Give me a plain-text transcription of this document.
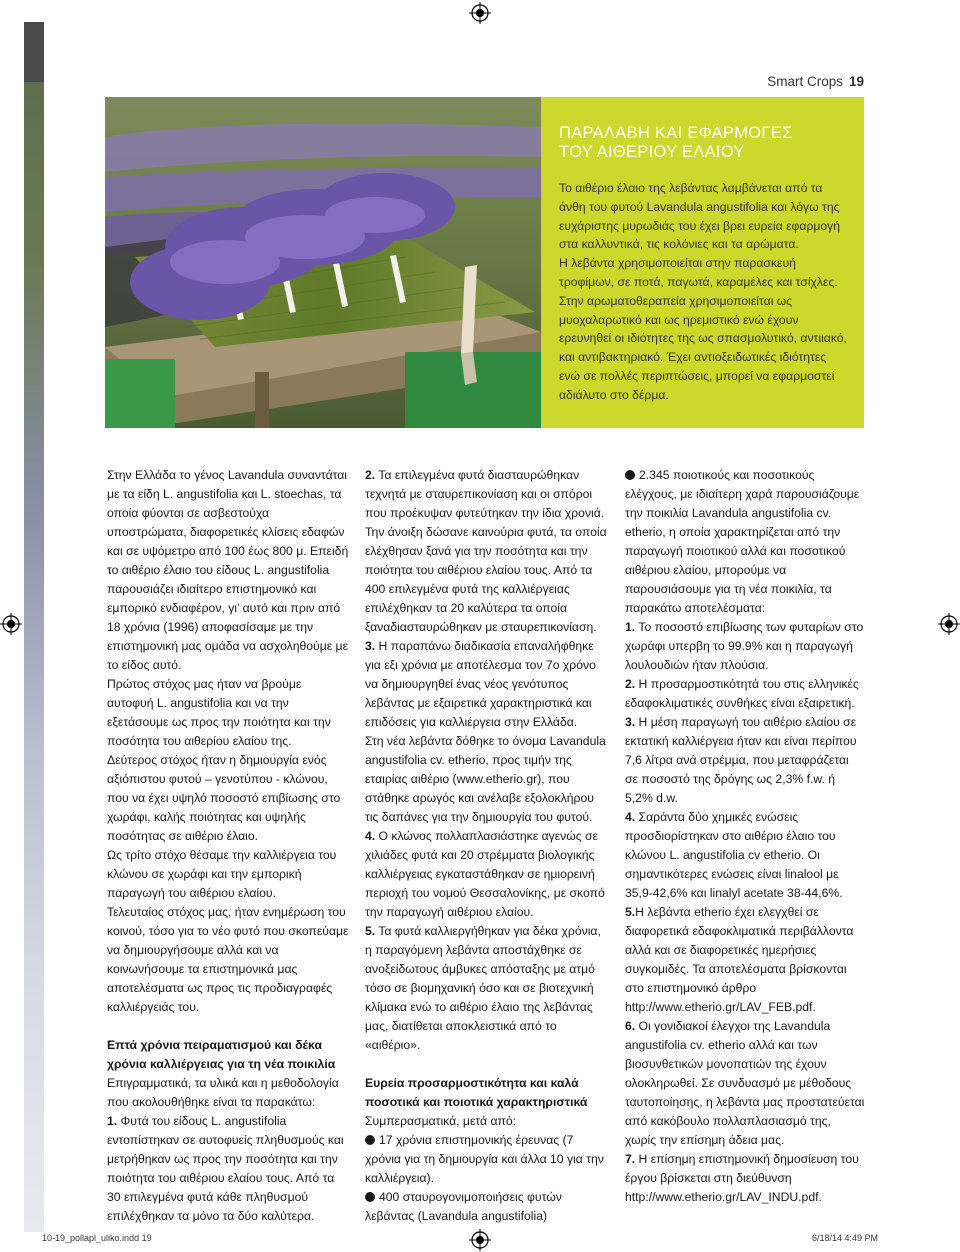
Smart Crops 19
ΠΑΡΑΛΑΒΗ ΚΑΙ ΕΦΑΡΜΟΓΕΣ
ΤΟΥ ΑΙΘΕΡΙΟΥ ΕΛΑΙΟΥ

Το αιθέριο έλαιο της λεβάντας λαμβάνεται από τα άνθη του φυτού Lavandula angustifolia και λόγω της ευχάριστης μυρωδιάς του έχει βρει ευρεία εφαρμογή στα καλλυντικά, τις κολόνιες και τα αρώματα.
Η λεβάντα χρησιμοποιείται στην παρασκευή τροφίμων, σε ποτά, παγωτά, καραμέλες και τσίχλες.
Στην αρωματοθεραπεία χρησιμοποιείται ως μυοχαλαρωτικό και ως ηρεμιστικό ενώ έχουν ερευνηθεί οι ιδιότητες της ως σπασμολυτικό, αντιιακό, και αντιβακτηριακό. Έχει αντιοξειδωτικές ιδιότητες ενώ σε πολλές περιπτώσεις, μπορεί να εφαρμοστεί αδιάλυτο στο δέρμα.

Στην Ελλάδα το γένος Lavandula συναντάται με τα είδη L. angustifolia και L. stoechas, τα οποία φύονται σε ασβεστούχα υποστρώματα, διαφορετικές κλίσεις εδαφών και σε υψόμετρο από 100 έως 800 μ. Επειδή το αιθέριο έλαιο του είδους L. angustifolia παρουσιάζει ιδιαίτερο επιστημονικό και εμπορικό ενδιαφέρον, γι’ αυτό και πριν από 18 χρόνια (1996) αποφασίσαμε με την επιστημονική μας ομάδα να ασχοληθούμε με το είδος αυτό.

Πρώτος στόχος μας ήταν να βρούμε αυτοφυή L. angustifolia και να την εξετάσουμε ως προς την ποιότητα και την ποσότητα του αιθερίου ελαίου της.

Δεύτερος στόχος ήταν η δημιουργία ενός αξιόπιστου φυτού – γενοτύπου - κλώνου, που να έχει υψηλό ποσοστό επιβίωσης στο χωράφι, καλής ποιότητας και υψηλής ποσότητας σε αιθέριο έλαιο.

Ως τρίτο στόχο θέσαμε την καλλιέργεια του κλώνου σε χωράφι και την εμπορική παραγωγή του αιθέριου ελαίου.

Τελευταίος στόχος μας, ήταν ενημέρωση του κοινού, τόσο για το νέο φυτό που σκοπεύαμε να δημιουργήσουμε αλλά και να κοινωνήσουμε τα επιστημονικά μας αποτελέσματα ως προς τις προδιαγραφές καλλιέργειάς του.

Επτά χρόνια πειραματισμού και δέκα χρόνια καλλιέργειας για τη νέα ποικιλία

Επιγραμματικά, τα υλικά και η μεθοδολογία που ακολουθήθηκε είναι τα παρακάτω:

1. Φυτά του είδους L. angustifolia εντοπίστηκαν σε αυτοφυείς πληθυσμούς και μετρήθηκαν ως προς την ποσότητα και την ποιότητα του αιθέριου ελαίου τους. Από τα 30 επιλεγμένα φυτά κάθε πληθυσμού επιλέχθηκαν τα μόνο τα δύο καλύτερα.

2. Τα επιλεγμένα φυτά διασταυρώθηκαν τεχνητά με σταυρεπικονίαση και οι σπόροι που προέκυψαν φυτεύτηκαν την ίδια χρονιά. Την άνοιξη δώσανε καινούρια φυτά, τα οποία ελέχθησαν ξανά για την ποσότητα και την ποιότητα του αιθέριου ελαίου τους. Από τα 400 επιλεγμένα φυτά της καλλιέργειας επιλέχθηκαν τα 20 καλύτερα τα οποία ξαναδιασταυρώθηκαν με σταυρεπικονίαση.

3. Η παραπάνω διαδικασία επαναλήφθηκε για εξι χρόνια με αποτέλεσμα τον 7ο χρόνο να δημιουργηθεί ένας νέος γενότυπος λεβάντας με εξαιρετικά χαρακτηριστικά και επιδόσεις για καλλιέργεια στην Ελλάδα.

Στη νέα λεβάντα δόθηκε το όνομα Lavandula angustifolia cv. etherio, προς τιμήν της εταιρίας αιθέριο (www.etherio.gr), που στάθηκε αρωγός και ανέλαβε εξολοκλήρου τις δαπάνες για την δημιουργία του φυτού.

4. Ο κλώνος πολλαπλασιάστηκε αγενώς σε χιλιάδες φυτά και 20 στρέμματα βιολογικής καλλιέργειας εγκαταστάθηκαν σε ημιορεινή περιοχή του νομού Θεσσαλονίκης, με σκοπό την παραγωγή αιθέριου ελαίου.

5. Τα φυτά καλλιεργήθηκαν για δέκα χρόνια, η παραγόμενη λεβάντα αποστάχθηκε σε ανοξείδωτους άμβυκες απόσταξης με ατμό τόσο σε βιομηχανική όσο και σε βιοτεχνική κλίμακα ενώ το αιθέριο έλαιο της λεβάντας μας, διατίθεται αποκλειστικά από το «αιθέριο».

Ευρεία προσαρμοστικότητα και καλά ποσοτικά και ποιοτικά χαρακτηριστικά

Συμπερασματικά, μετά από:

17 χρόνια επιστημονικής έρευνας (7 χρόνια για τη δημιουργία και άλλα 10 για την καλλιέργεια).

400 σταυρογονιμοποιήσεις φυτών λεβάντας (Lavandula angustifolia)

2.345 ποιοτικούς και ποσοτικούς ελέγχους, με ιδιαίτερη χαρά παρουσιάζουμε την ποικιλία Lavandula angustifolia cv. etherio, η οποία χαρακτηρίζεται από την παραγωγή ποιοτικού αλλά και ποσοτικού αιθέριου ελαίου, μπορούμε να παρουσιάσουμε για τη νέα ποικιλία, τα παρακάτω αποτελέσματα:

1. Το ποσοστό επιβίωσης των φυταρίων στο χωράφι υπερβη το 99.9% και η παραγωγή λουλουδιών ήταν πλούσια.

2. Η προσαρμοστικότητά του στις ελληνικές εδαφοκλιματικές συνθήκες είναι εξαιρετική.

3. Η μέση παραγωγή του αιθέριο ελαίου σε εκτατική καλλιέργεια ήταν και είναι περίπου 7,6 λίτρα ανά στρέμμα, που μεταφράζεται σε ποσοστό της δρόγης ως 2,3% f.w. ή 5,2% d.w.

4. Σαράντα δύο χημικές ενώσεις προσδιορίστηκαν στο αιθέριο έλαιο του κλώνου L. angustifolia cv etherio. Οι σημαντικότερες ενώσεις είναι linalool με 35,9-42,6% και linalyl acetate 38-44,6%.

5.Η λεβάντα etherio έχει ελεγχθεί σε διαφορετικά εδαφοκλιματικά περιβάλλοντα αλλά και σε διαφορετικές ημερήσιες συγκομιδές. Τα αποτελέσματα βρίσκονται στο επιστημονικό άρθρο http://www.etherio.gr/LAV_FEB.pdf.

6. Οι γονιδιακοί έλεγχοι της Lavandula angustifolia cv. etherio αλλά και των βιοσυνθετικών μονοπατιών της έχουν ολοκληρωθεί. Σε συνδυασμό με μέθοδους ταυτοποίησης, η λεβάντα μας προστατεύεται από κακόβουλο πολλαπλασιασμό της, χωρίς την επίσημη άδεια μας.

7. Η επίσημη επιστημονική δημοσίευση του έργου βρίσκεται στη διεύθυνση http://www.etherio.gr/LAV_INDU.pdf.

10-19_pollapl_uliko.indd 19	6/18/14 4:49 PM
